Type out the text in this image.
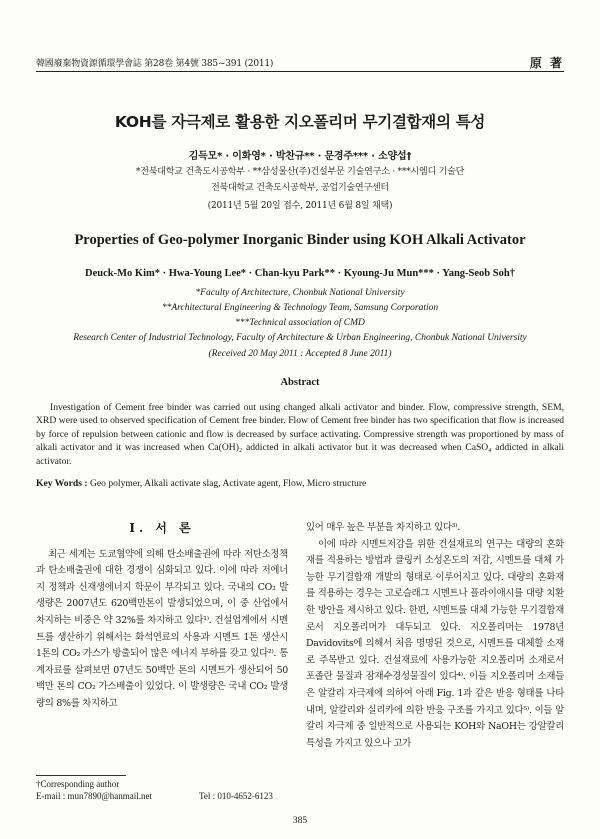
韓國廢棄物資源循環學會誌 第28卷 第4號 385~391 (2011)	原 著
KOH를 자극제로 활용한 지오폴리머 무기결합재의 특성
김득모* · 이화영* · 박찬규** · 문경주*** · 소양섭†
*전북대학교 건축도시공학부 · **삼성물산(주)건설부문 기술연구소 · ***시엠디 기술단
전북대학교 건축도시공학부, 공업기술연구센터
(2011년 5월 20일 접수, 2011년 6월 8일 채택)
Properties of Geo-polymer Inorganic Binder using KOH Alkali Activator
Deuck-Mo Kim* · Hwa-Young Lee* · Chan-kyu Park** · Kyoung-Ju Mun*** · Yang-Seob Soh†
*Faculty of Architecture, Chonbuk National University
**Architectural Engineering & Technology Team, Samsung Corporation
***Technical association of CMD
Research Center of Industrial Technology, Faculty of Architecture & Urban Engineering, Chonbuk National University
(Received 20 May 2011 : Accepted 8 June 2011)
Abstract

Investigation of Cement free binder was carried out using changed alkali activator and binder. Flow, compressive strength, SEM, XRD were used to observed specification of Cement free binder. Flow of Cement free binder has two specification that flow is increased by force of repulsion between cationic and flow is decreased by surface activating. Compressive strength was proportioned by mass of alkali activator and it was increased when Ca(OH)₂ addicted in alkali activator but it was decreased when CaSO₄ addicted in alkali activator.

Key Words : Geo polymer, Alkali activate slag, Activate agent, Flow, Micro structure
I. 서 론

최근 세계는 도쿄협약에 의해 탄소배출권에 따라 저탄소정책과 탄소배출권에 대한 경쟁이 심화되고 있다. 이에 따라 저에너지 정책과 신재생에너지 학문이 부각되고 있다. 국내의 CO₂ 발생량은 2007년도 620백만톤이 발생되었으며, 이 중 산업에서 차지하는 비중은 약 32%를 차지하고 있다¹⁾. 건설업계에서 시멘트를 생산하기 위해서는 화석연료의 사용과 시멘트 1톤 생산시 1톤의 CO₂ 가스가 방출되어 많은 에너지 부하를 갖고 있다²⁾. 통계자료를 살펴보면 07년도 50백만 톤의 시멘트가 생산되어 50백만 톤의 CO₂ 가스배출이 있었다. 이 발생량은 국내 CO₂ 발생량의 8%를 차지하고

있어 매우 높은 부분을 차지하고 있다³⁾.

이에 따라 시멘트저감을 위한 건설재료의 연구는 대량의 혼화재를 적용하는 방법과 클링커 소성온도의 저감, 시멘트를 대체 가능한 무기결합재 개발의 형태로 이루어지고 있다. 대량의 혼화재를 적용하는 경우는 고로슬래그 시멘트나 플라이애시를 대량 치환한 방안을 제시하고 있다. 한편, 시멘트를 대체 가능한 무기결합재로서 지오폴리머가 대두되고 있다. 지오폴리머는 1978년 Davidovits에 의해서 처음 명명된 것으로, 시멘트를 대체할 소재로 주목받고 있다. 건설재료에 사용가능한 지오폴리머 소재로서 포졸란 물질과 잠재수경성물질이 있다⁴⁾. 이들 지오폴리머 소재들은 알칼리 자극제에 의하여 아래 Fig. 1과 같은 반응 형태를 나타내며, 알칼리와 실리카에 의한 반응 구조를 가지고 있다⁵⁾. 이들 알칼리 자극제 중 일반적으로 사용되는 KOH와 NaOH는 강알칼리 특성을 가지고 있으나 고가

†Corresponding author
E-mail : mun7890@hanmail.net	Tel : 010-4652-6123
385
